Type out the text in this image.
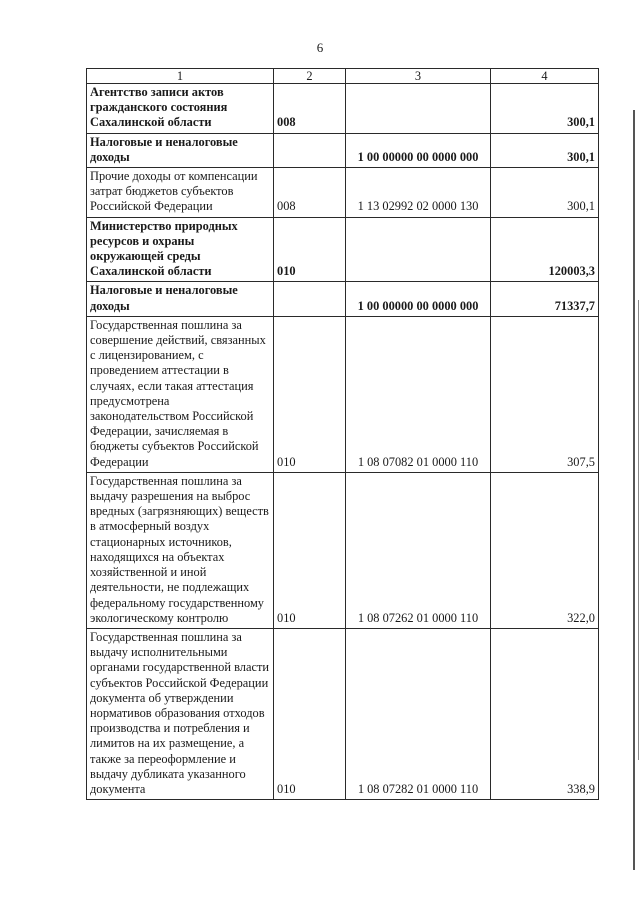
6
1	2	3	4
Агентство записи актов гражданского состояния Сахалинской области	008		300,1
Налоговые и неналоговые доходы		1 00 00000 00 0000 000	300,1
Прочие доходы от компенсации затрат бюджетов субъектов Российской Федерации	008	1 13 02992 02 0000 130	300,1
Министерство природных ресурсов и охраны окружающей среды Сахалинской области	010		120003,3
Налоговые и неналоговые доходы		1 00 00000 00 0000 000	71337,7
Государственная пошлина за совершение действий, связанных с лицензированием, с проведением аттестации в случаях, если такая аттестация предусмотрена законодательством Российской Федерации, зачисляемая в бюджеты субъектов Российской Федерации	010	1 08 07082 01 0000 110	307,5
Государственная пошлина за выдачу разрешения на выброс вредных (загрязняющих) веществ в атмосферный воздух стационарных источников, находящихся на объектах хозяйственной и иной деятельности, не подлежащих федеральному государственному экологическому контролю	010	1 08 07262 01 0000 110	322,0
Государственная пошлина за выдачу исполнительными органами государственной власти субъектов Российской Федерации документа об утверждении нормативов образования отходов производства и потребления и лимитов на их размещение, а также за переоформление и выдачу дубликата указанного документа	010	1 08 07282 01 0000 110	338,9
